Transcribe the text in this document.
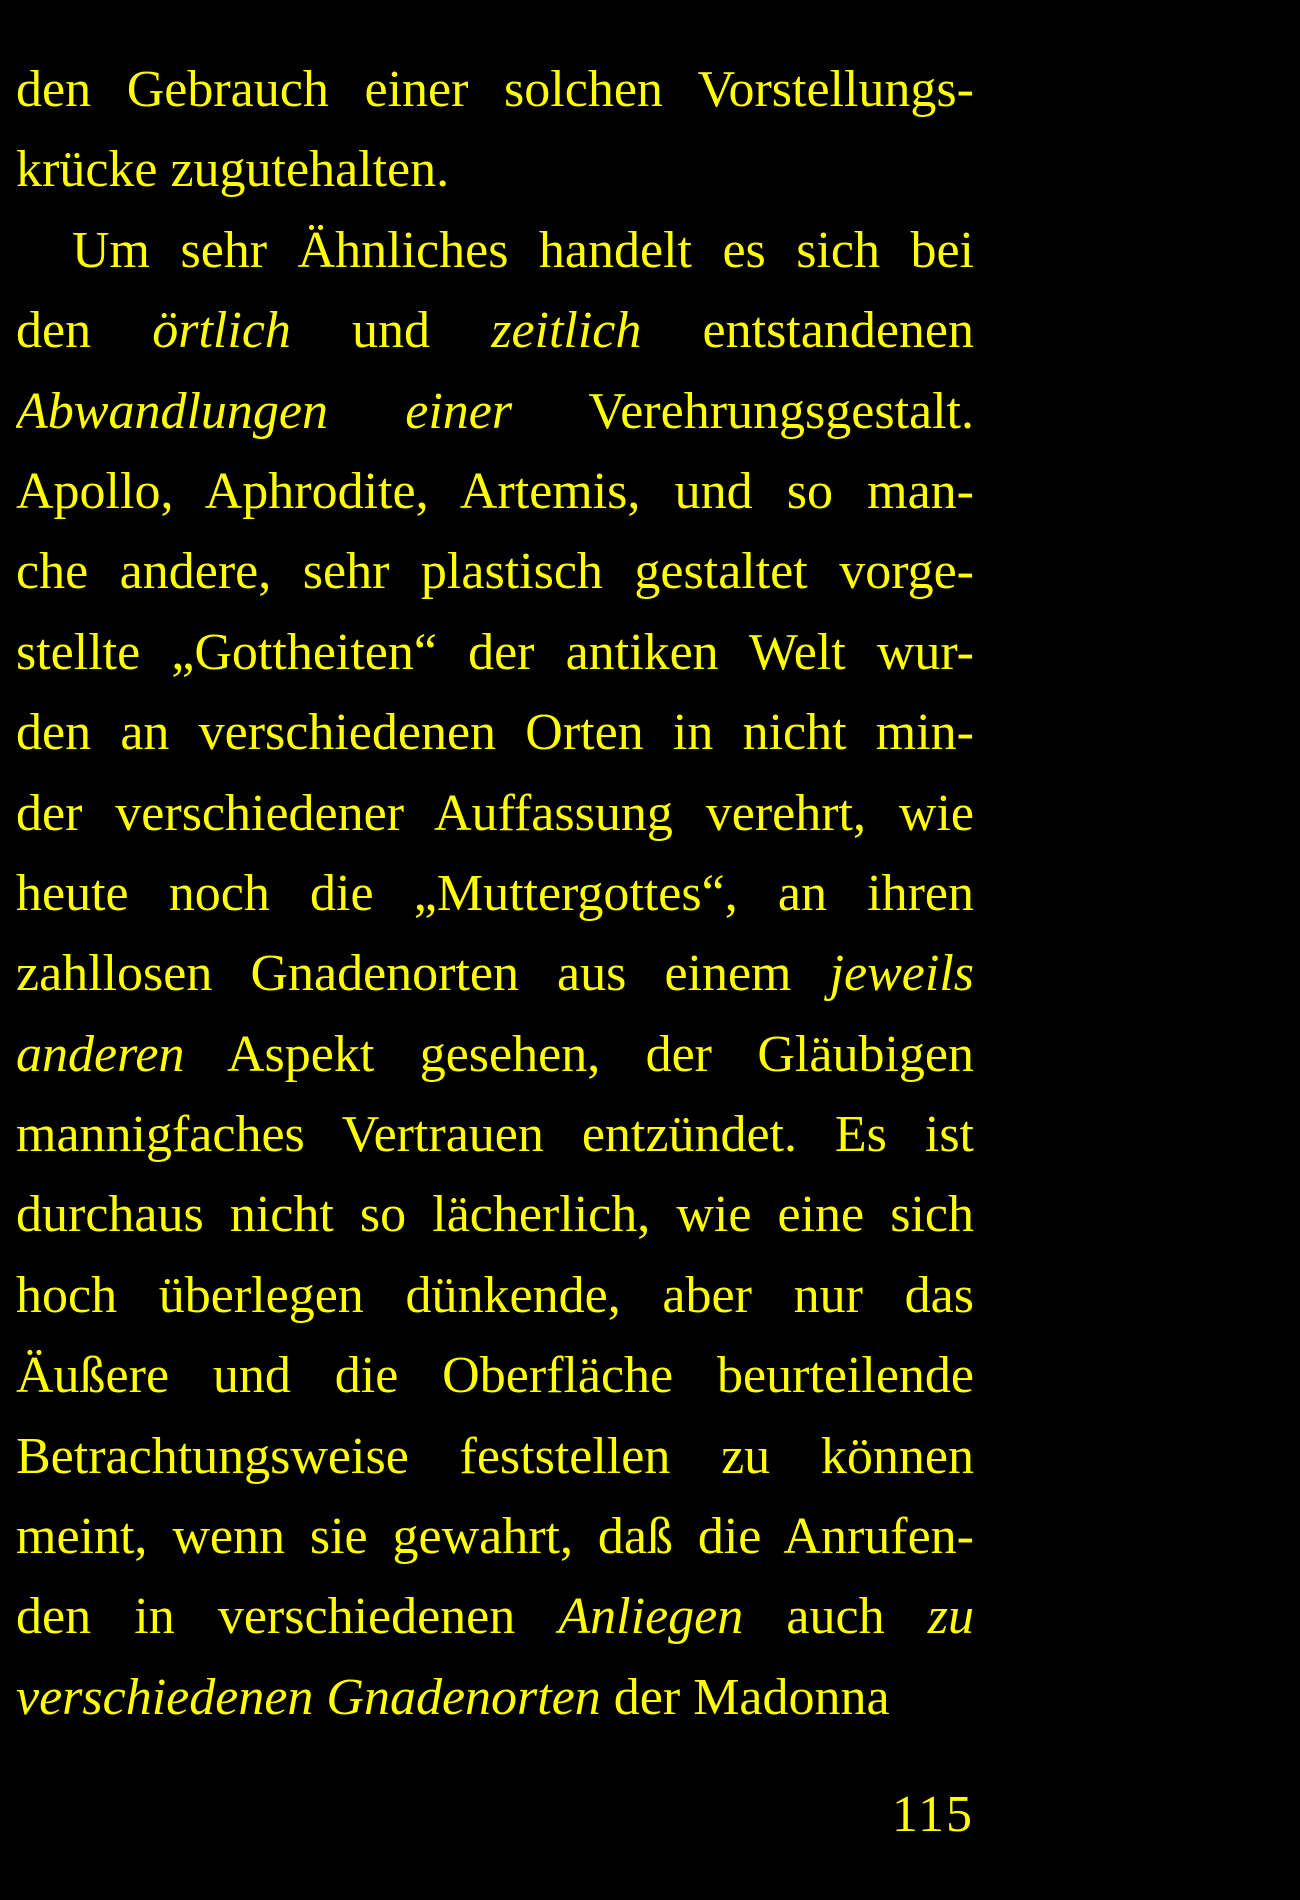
den Gebrauch einer solchen Vorstellungs-
krücke zugutehalten.
Um sehr Ähnliches handelt es sich bei
den örtlich und zeitlich entstandenen
Abwandlungen einer Verehrungsgestalt.
Apollo, Aphrodite, Artemis, und so man-
che andere, sehr plastisch gestaltet vorge-
stellte „Gottheiten“ der antiken Welt wur-
den an verschiedenen Orten in nicht min-
der verschiedener Auffassung verehrt, wie
heute noch die „Muttergottes“, an ihren
zahllosen Gnadenorten aus einem jeweils
anderen Aspekt gesehen, der Gläubigen
mannigfaches Vertrauen entzündet. Es ist
durchaus nicht so lächerlich, wie eine sich
hoch überlegen dünkende, aber nur das
Äußere und die Oberfläche beurteilende
Betrachtungsweise feststellen zu können
meint, wenn sie gewahrt, daß die Anrufen-
den in verschiedenen Anliegen auch zu
verschiedenen Gnadenorten der Madonna
115
